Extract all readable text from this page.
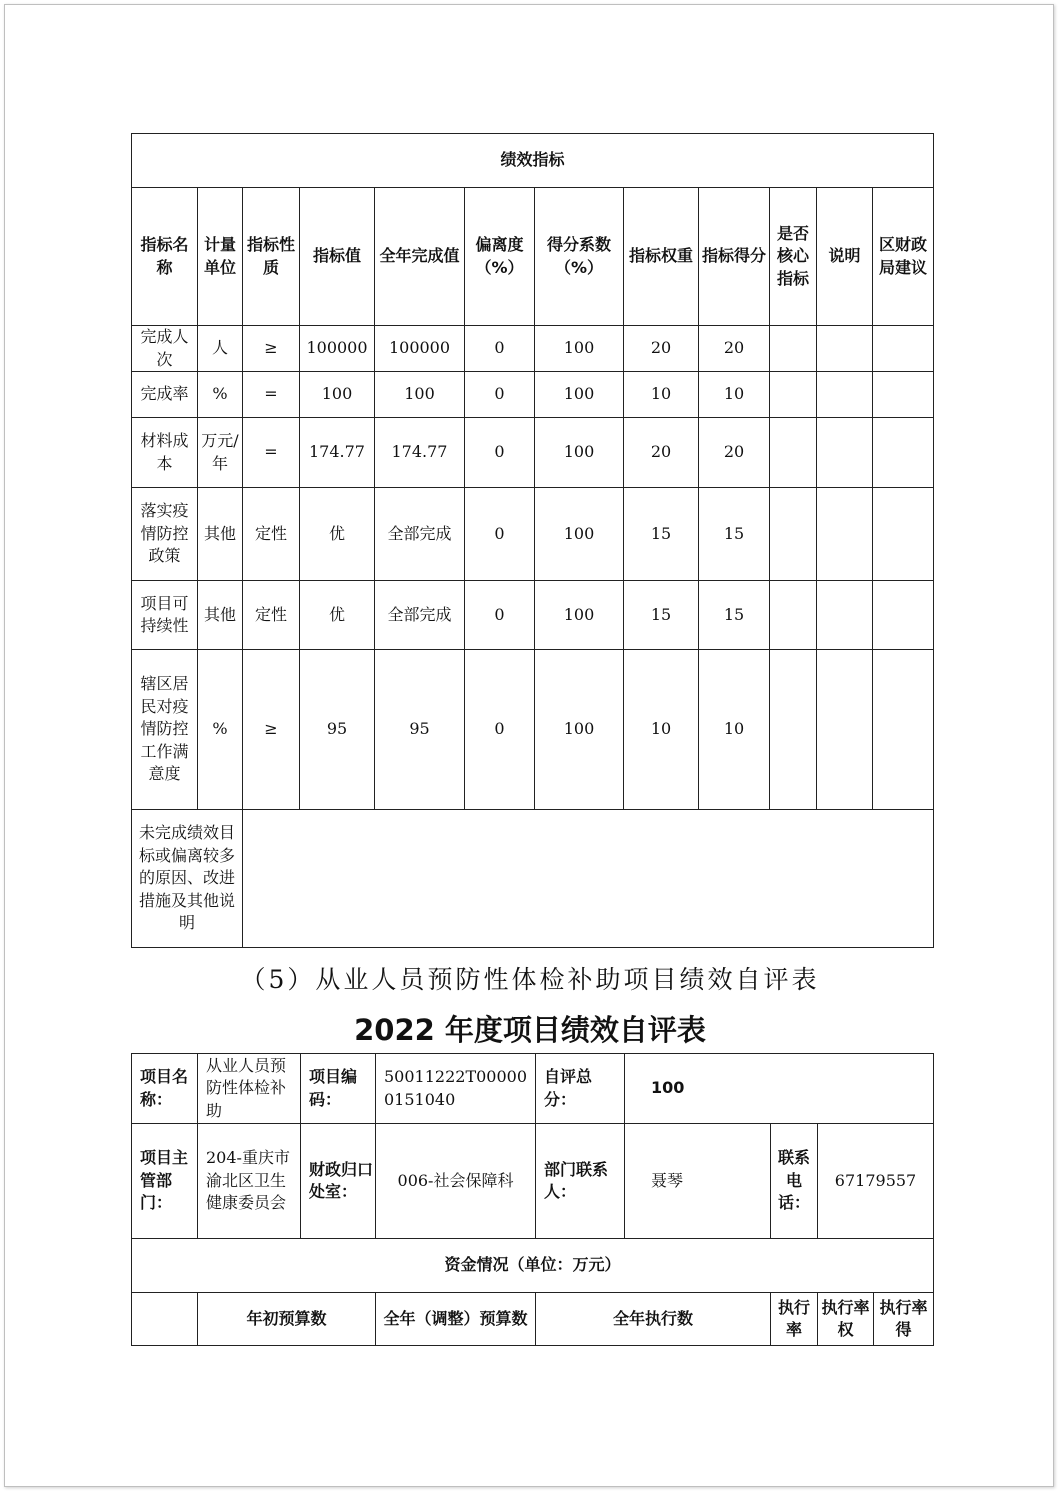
绩效指标											
指标名称	计量单位	指标性质	指标值	全年完成值	偏离度（%）	得分系数（%）	指标权重	指标得分	是否核心指标	说明	区财政局建议
完成人次	人	≥	100000	100000	0	100	20	20			
完成率	%	=	100	100	0	100	10	10			
材料成本	万元/年	=	174.77	174.77	0	100	20	20			
落实疫情防控政策	其他	定性	优	全部完成	0	100	15	15			
项目可持续性	其他	定性	优	全部完成	0	100	15	15			
辖区居民对疫情防控工作满意度	%	≥	95	95	0	100	10	10			
未完成绩效目标或偏离较多的原因、改进措施及其他说明											
（5）从业人员预防性体检补助项目绩效自评表
2022 年度项目绩效自评表
项目名称：	从业人员预防性体检补助	项目编码：	50011222T000000151040	自评总分：	100			
项目主管部门：	204-重庆市渝北区卫生健康委员会	财政归口处室：	006-社会保障科	部门联系人：	聂琴	联系电话：	67179557	
资金情况（单位：万元）								
	年初预算数		全年（调整）预算数	全年执行数		执行率	执行率权	执行率得
